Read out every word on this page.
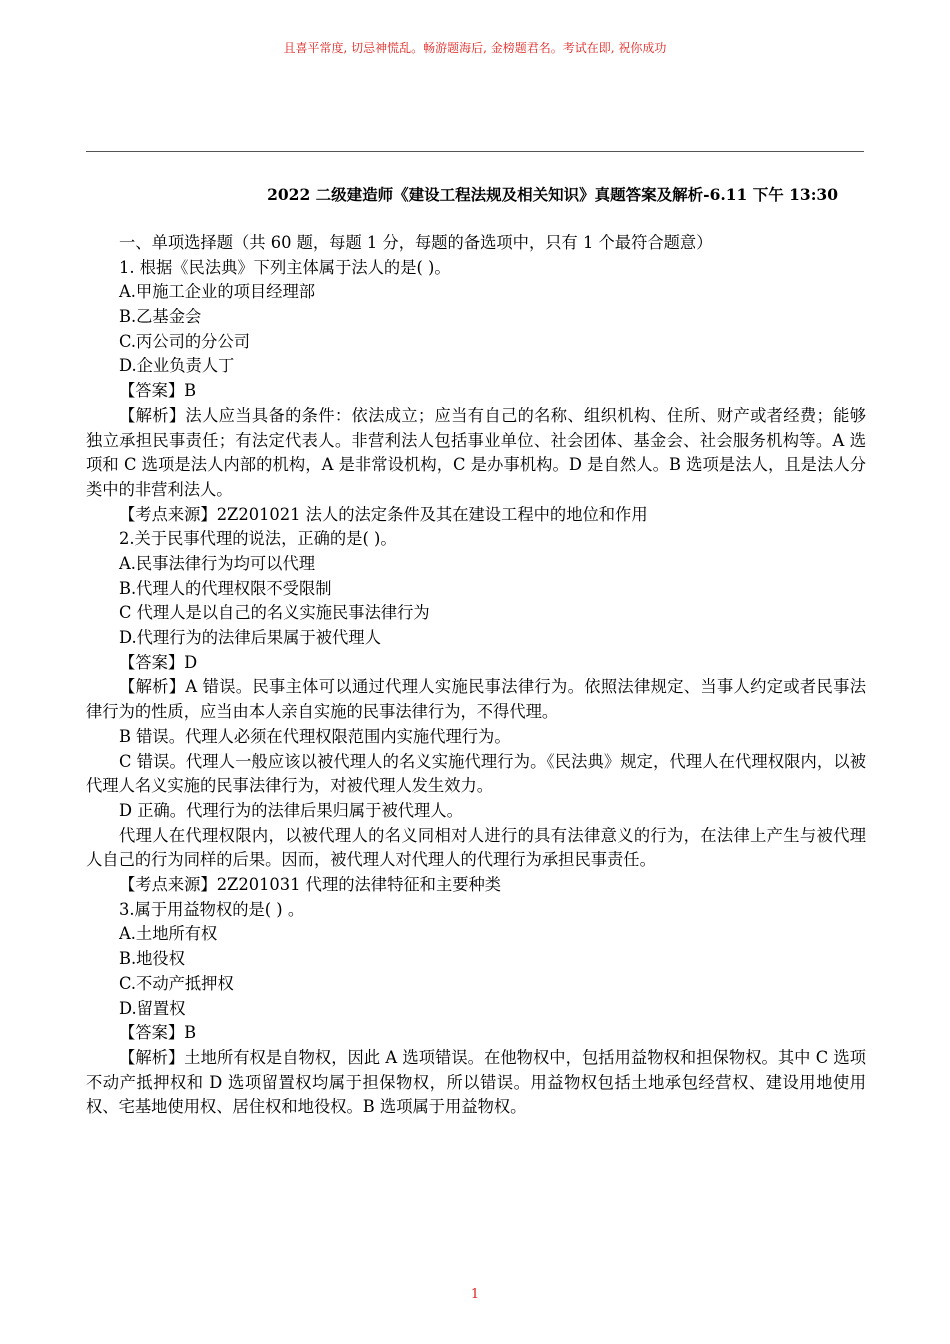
且喜平常度, 切忌神慌乱。畅游题海后, 金榜题君名。考试在即, 祝你成功
2022 二级建造师《建设工程法规及相关知识》真题答案及解析-6.11 下午 13:30
一、单项选择题（共 60 题，每题 1 分，每题的备选项中，只有 1 个最符合题意）
1. 根据《民法典》下列主体属于法人的是( )。
A.甲施工企业的项目经理部
B.乙基金会
C.丙公司的分公司
D.企业负责人丁
【答案】B
【解析】法人应当具备的条件：依法成立；应当有自己的名称、组织机构、住所、财产或者经费；能够独立承担民事责任；有法定代表人。非营利法人包括事业单位、社会团体、基金会、社会服务机构等。A 选项和 C 选项是法人内部的机构，A 是非常设机构，C 是办事机构。D 是自然人。B 选项是法人，且是法人分类中的非营利法人。
【考点来源】2Z201021 法人的法定条件及其在建设工程中的地位和作用
2.关于民事代理的说法，正确的是( )。
A.民事法律行为均可以代理
B.代理人的代理权限不受限制
C 代理人是以自己的名义实施民事法律行为
D.代理行为的法律后果属于被代理人
【答案】D
【解析】A 错误。民事主体可以通过代理人实施民事法律行为。依照法律规定、当事人约定或者民事法律行为的性质，应当由本人亲自实施的民事法律行为，不得代理。
B 错误。代理人必须在代理权限范围内实施代理行为。
C 错误。代理人一般应该以被代理人的名义实施代理行为。《民法典》规定，代理人在代理权限内，以被代理人名义实施的民事法律行为，对被代理人发生效力。
D 正确。代理行为的法律后果归属于被代理人。
代理人在代理权限内，以被代理人的名义同相对人进行的具有法律意义的行为，在法律上产生与被代理人自己的行为同样的后果。因而，被代理人对代理人的代理行为承担民事责任。
【考点来源】2Z201031 代理的法律特征和主要种类
3.属于用益物权的是( ) 。
A.土地所有权
B.地役权
C.不动产抵押权
D.留置权
【答案】B
【解析】土地所有权是自物权，因此 A 选项错误。在他物权中，包括用益物权和担保物权。其中 C 选项不动产抵押权和 D 选项留置权均属于担保物权，所以错误。用益物权包括土地承包经营权、建设用地使用权、宅基地使用权、居住权和地役权。B 选项属于用益物权。
1
